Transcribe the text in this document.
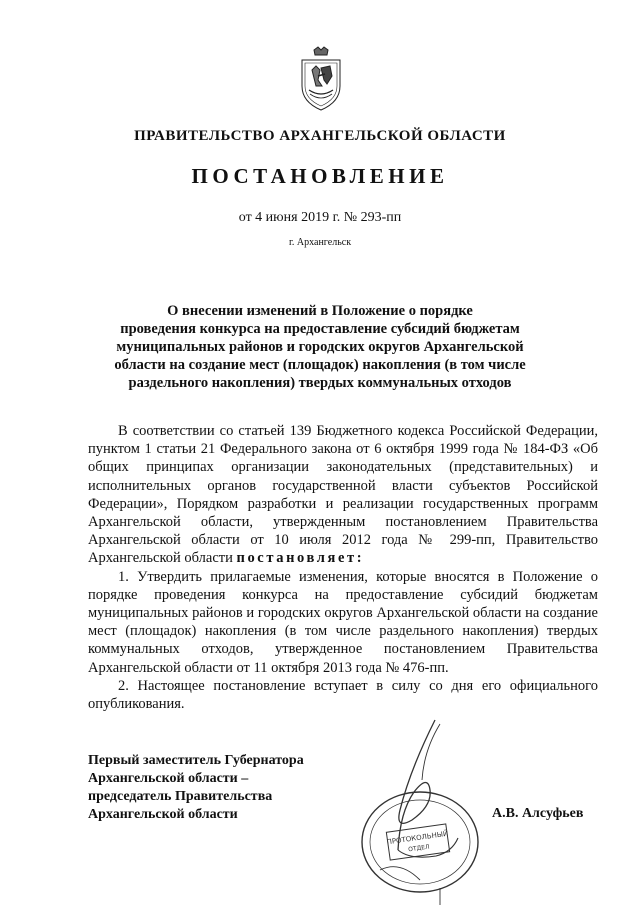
ПРАВИТЕЛЬСТВО АРХАНГЕЛЬСКОЙ ОБЛАСТИ
ПОСТАНОВЛЕНИЕ
от 4 июня 2019 г. № 293-пп
г. Архангельск
О внесении изменений в Положение о порядке
проведения конкурса на предоставление субсидий бюджетам
муниципальных районов и городских округов Архангельской
области на создание мест (площадок) накопления (в том числе
раздельного накопления) твердых коммунальных отходов

В соответствии со статьей 139 Бюджетного кодекса Российской Федерации, пунктом 1 статьи 21 Федерального закона от 6 октября 1999 года № 184-ФЗ «Об общих принципах организации законодательных (представительных) и исполнительных органов государственной власти субъектов Российской Федерации», Порядком разработки и реализации государственных программ Архангельской области, утвержденным постановлением Правительства Архангельской области от 10 июля 2012 года № 299-пп, Правительство Архангельской области постановляет:

1. Утвердить прилагаемые изменения, которые вносятся в Положение о порядке проведения конкурса на предоставление субсидий бюджетам муниципальных районов и городских округов Архангельской области на создание мест (площадок) накопления (в том числе раздельного накопления) твердых коммунальных отходов, утвержденное постановлением Правительства Архангельской области от 11 октября 2013 года № 476-пп.

2. Настоящее постановление вступает в силу со дня его официального опубликования.

Первый заместитель Губернатора
Архангельской области –
председатель Правительства
Архангельской области
ПРОТОКОЛЬНЫЙ
ОТДЕЛ
А.В. Алсуфьев
